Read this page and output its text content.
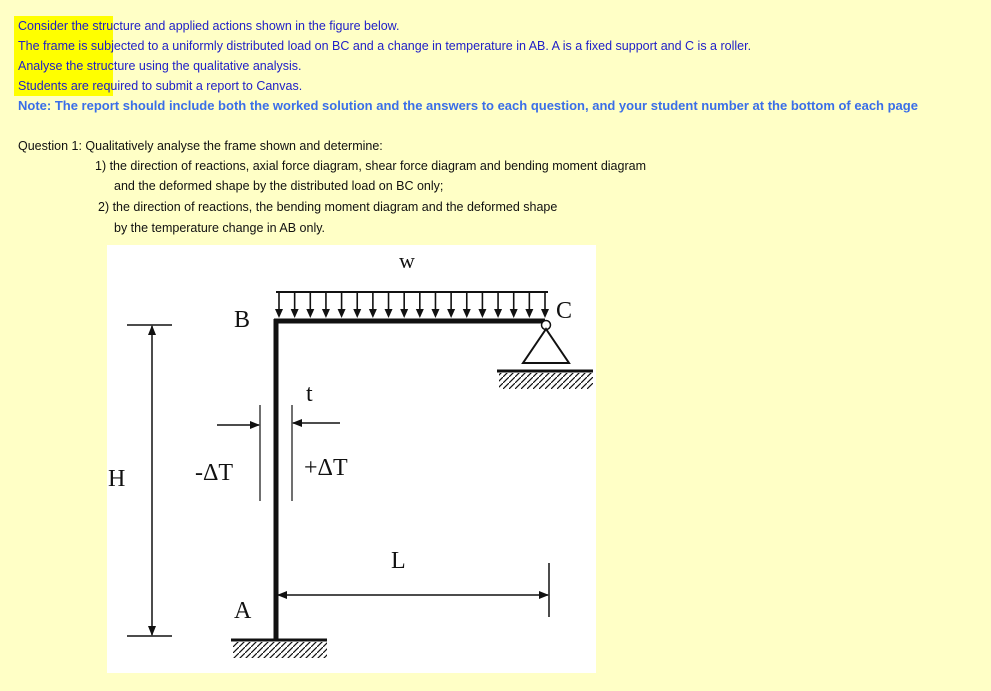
Consider the structure and applied actions shown in the figure below.
The frame is subjected to a uniformly distributed load on BC and a change in temperature in AB. A is a fixed support and C is a roller.
Analyse the structure using the qualitative analysis.
Students are required to submit a report to Canvas.
Note: The report should include both the worked solution and the answers to each question, and your student number at the bottom of each page
Question 1: Qualitatively analyse the frame shown and determine:
1) the direction of reactions, axial force diagram, shear force diagram and bending moment diagram
and the deformed shape by the distributed load on BC only;
2) the direction of reactions, the bending moment diagram and the deformed shape
by the temperature change in AB only.
w
B	C
A
H
L
t
-ΔT	+ΔT
